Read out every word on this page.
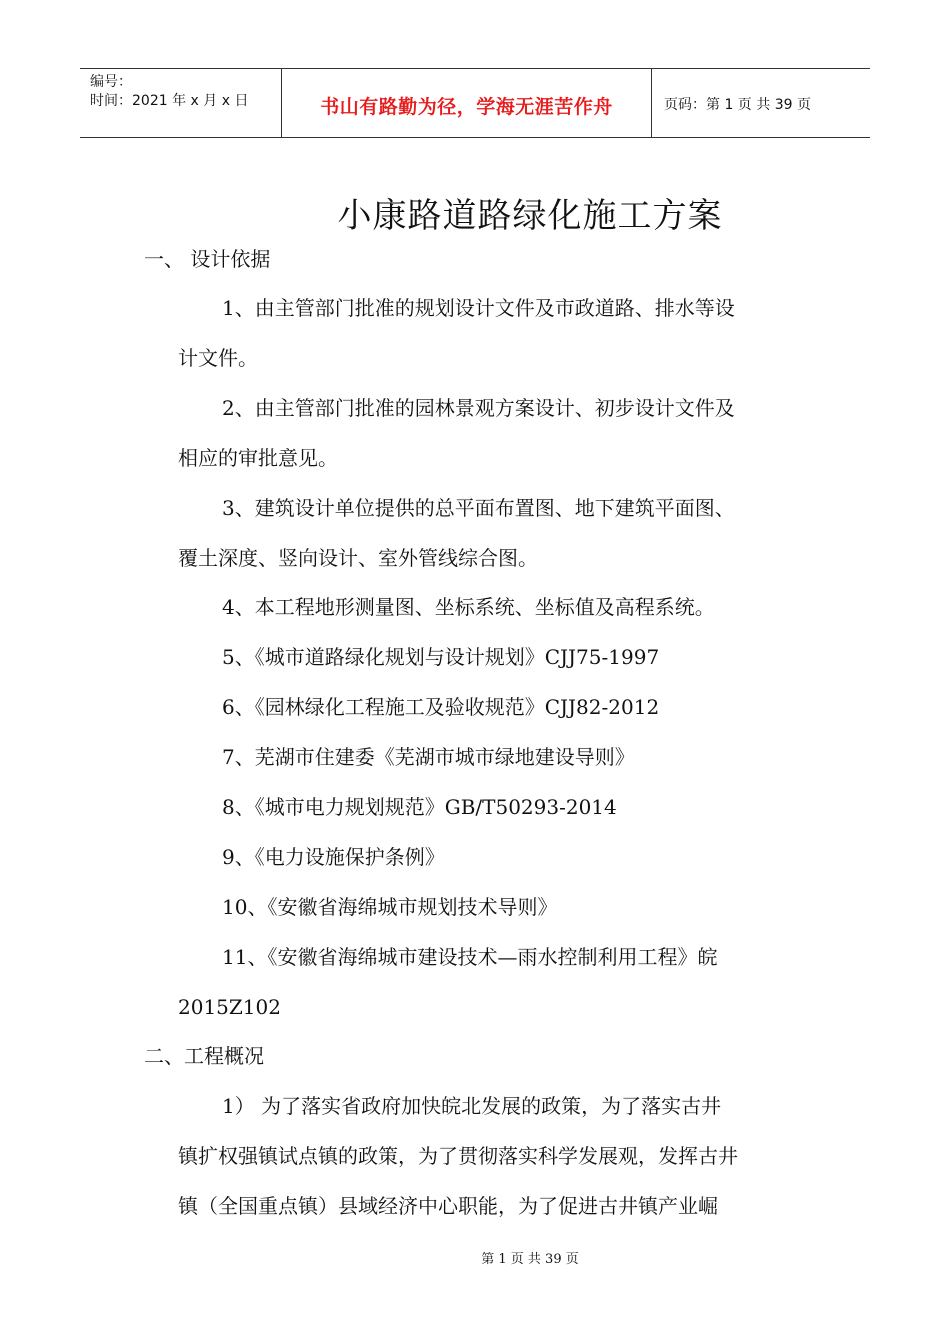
编号：
时间：2021 年 x 月 x 日	书山有路勤为径，学海无涯苦作舟	页码：第 1 页 共 39 页
小康路道路绿化施工方案
一、 设计依据
1、由主管部门批准的规划设计文件及市政道路、排水等设
计文件。
2、由主管部门批准的园林景观方案设计、初步设计文件及
相应的审批意见。
3、建筑设计单位提供的总平面布置图、地下建筑平面图、
覆土深度、竖向设计、室外管线综合图。
4、本工程地形测量图、坐标系统、坐标值及高程系统。
5、《城市道路绿化规划与设计规划》CJJ75-1997
6、《园林绿化工程施工及验收规范》CJJ82-2012
7、芜湖市住建委《芜湖市城市绿地建设导则》
8、《城市电力规划规范》GB/T50293-2014
9、《电力设施保护条例》
10、《安徽省海绵城市规划技术导则》
11、《安徽省海绵城市建设技术—雨水控制利用工程》皖
2015Z102
二、工程概况
1） 为了落实省政府加快皖北发展的政策，为了落实古井
镇扩权强镇试点镇的政策，为了贯彻落实科学发展观，发挥古井
镇（全国重点镇）县域经济中心职能，为了促进古井镇产业崛
第 1 页 共 39 页
